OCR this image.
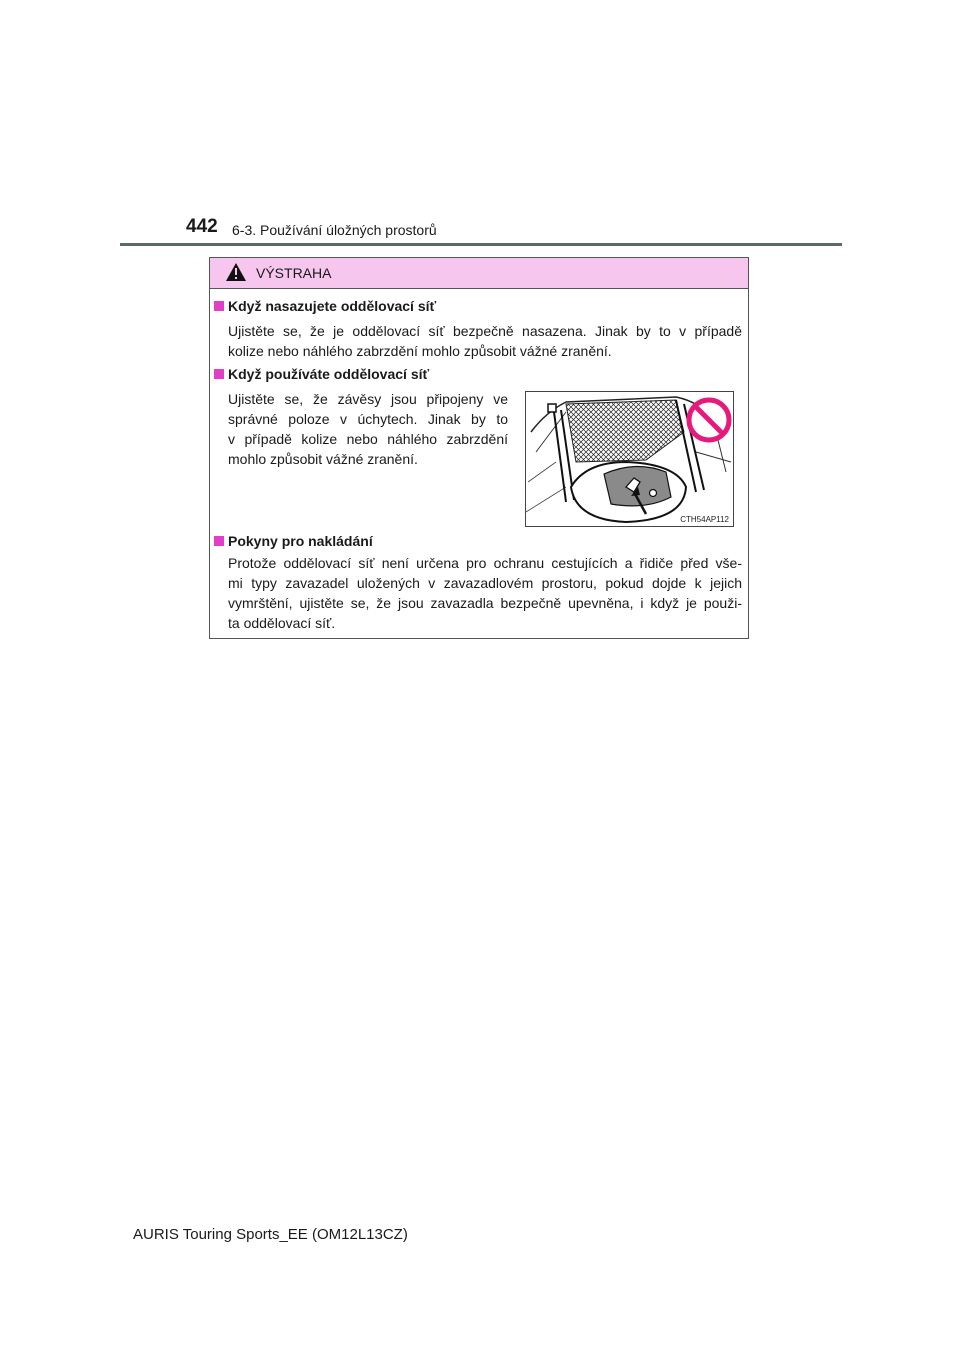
442 6-3. Používání úložných prostorů
VÝSTRAHA
Když nasazujete oddělovací síť
Ujistěte se, že je oddělovací síť bezpečně nasazena. Jinak by to v případě
kolize nebo náhlého zabrzdění mohlo způsobit vážné zranění.
Když používáte oddělovací síť
Ujistěte se, že závěsy jsou připojeny ve
správné poloze v úchytech. Jinak by to
v případě kolize nebo náhlého zabrzdění
mohlo způsobit vážné zranění.
CTH54AP112
Pokyny pro nakládání
Protože oddělovací síť není určena pro ochranu cestujících a řidiče před vše-
mi typy zavazadel uložených v zavazadlovém prostoru, pokud dojde k jejich
vymrštění, ujistěte se, že jsou zavazadla bezpečně upevněna, i když je použi-
ta oddělovací síť.
AURIS Touring Sports_EE (OM12L13CZ)
